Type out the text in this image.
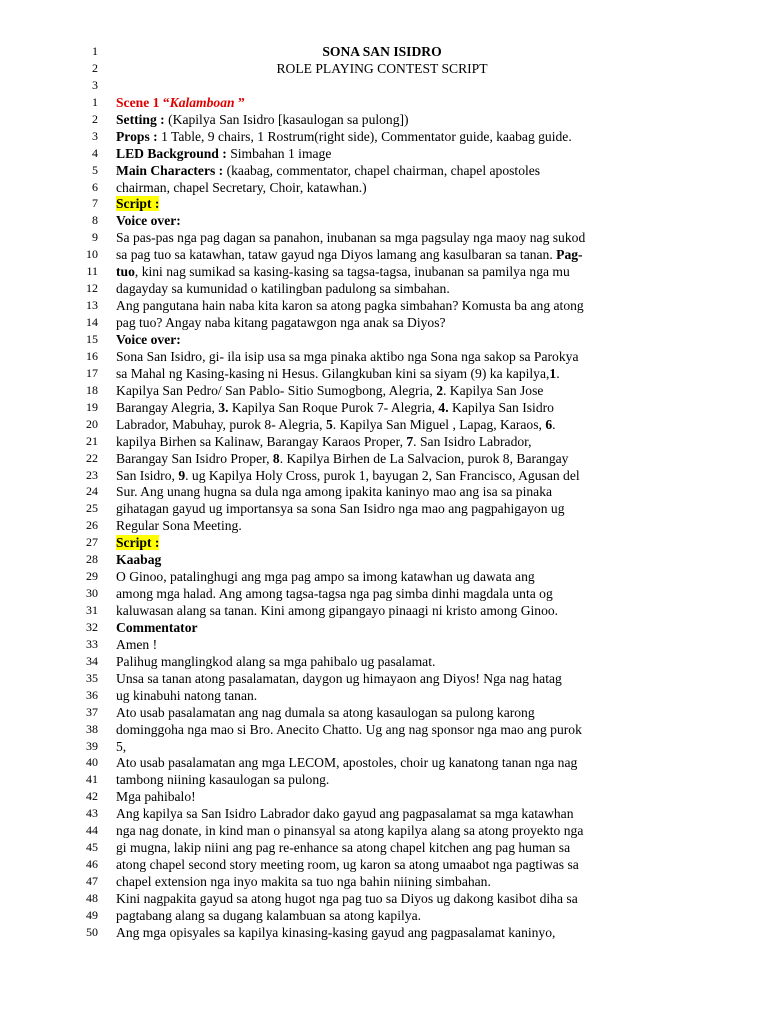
1	SONA SAN ISIDRO
2	ROLE PLAYING CONTEST SCRIPT
3
1 Scene 1 “Kalamboan ”
2 Setting : (Kapilya San Isidro [kasaulogan sa pulong])
3 Props : 1 Table, 9 chairs, 1 Rostrum(right side), Commentator guide, kaabag guide.
4 LED Background : Simbahan 1 image
5 Main Characters : (kaabag, commentator, chapel chairman, chapel apostoles
6 chairman, chapel Secretary, Choir, katawhan.)
7 Script :
8 Voice over:
9 Sa pas-pas nga pag dagan sa panahon, inubanan sa mga pagsulay nga maoy nag sukod
10 sa pag tuo sa katawhan, tataw gayud nga Diyos lamang ang kasulbaran sa tanan. Pag-
11 tuo, kini nag sumikad sa kasing-kasing sa tagsa-tagsa, inubanan sa pamilya nga mu
12 dagayday sa kumunidad o katilingban padulong sa simbahan.
13 Ang pangutana hain naba kita karon sa atong pagka simbahan? Komusta ba ang atong
14 pag tuo? Angay naba kitang pagatawgon nga anak sa Diyos?
15 Voice over:
16 Sona San Isidro, gi- ila isip usa sa mga pinaka aktibo nga Sona nga sakop sa Parokya
17 sa Mahal ng Kasing-kasing ni Hesus. Gilangkuban kini sa siyam (9) ka kapilya,1.
18 Kapilya San Pedro/ San Pablo- Sitio Sumogbong, Alegria, 2. Kapilya San Jose
19 Barangay Alegria, 3. Kapilya San Roque Purok 7- Alegria, 4. Kapilya San Isidro
20 Labrador, Mabuhay, purok 8- Alegria, 5. Kapilya San Miguel , Lapag, Karaos, 6.
21 kapilya Birhen sa Kalinaw, Barangay Karaos Proper, 7. San Isidro Labrador,
22 Barangay San Isidro Proper, 8. Kapilya Birhen de La Salvacion, purok 8, Barangay
23 San Isidro, 9. ug Kapilya Holy Cross, purok 1, bayugan 2, San Francisco, Agusan del
24 Sur. Ang unang hugna sa dula nga among ipakita kaninyo mao ang isa sa pinaka
25 gihatagan gayud ug importansya sa sona San Isidro nga mao ang pagpahigayon ug
26 Regular Sona Meeting.
27 Script :
28 Kaabag
29 O Ginoo, patalinghugi ang mga pag ampo sa imong katawhan ug dawata ang
30 among mga halad. Ang among tagsa-tagsa nga pag simba dinhi magdala unta og
31 kaluwasan alang sa tanan. Kini among gipangayo pinaagi ni kristo among Ginoo.
32 Commentator
33 Amen !
34 Palihug manglingkod alang sa mga pahibalo ug pasalamat.
35 Unsa sa tanan atong pasalamatan, daygon ug himayaon ang Diyos! Nga nag hatag
36 ug kinabuhi natong tanan.
37 Ato usab pasalamatan ang nag dumala sa atong kasaulogan sa pulong karong
38 dominggoha nga mao si Bro. Anecito Chatto. Ug ang nag sponsor nga mao ang purok
39 5,
40 Ato usab pasalamatan ang mga LECOM, apostoles, choir ug kanatong tanan nga nag
41 tambong niining kasaulogan sa pulong.
42 Mga pahibalo!
43 Ang kapilya sa San Isidro Labrador dako gayud ang pagpasalamat sa mga katawhan
44 nga nag donate, in kind man o pinansyal sa atong kapilya alang sa atong proyekto nga
45 gi mugna, lakip niini ang pag re-enhance sa atong chapel kitchen ang pag human sa
46 atong chapel second story meeting room, ug karon sa atong umaabot nga pagtiwas sa
47 chapel extension nga inyo makita sa tuo nga bahin niining simbahan.
48 Kini nagpakita gayud sa atong hugot nga pag tuo sa Diyos ug dakong kasibot diha sa
49 pagtabang alang sa dugang kalambuan sa atong kapilya.
50 Ang mga opisyales sa kapilya kinasing-kasing gayud ang pagpasalamat kaninyo,
